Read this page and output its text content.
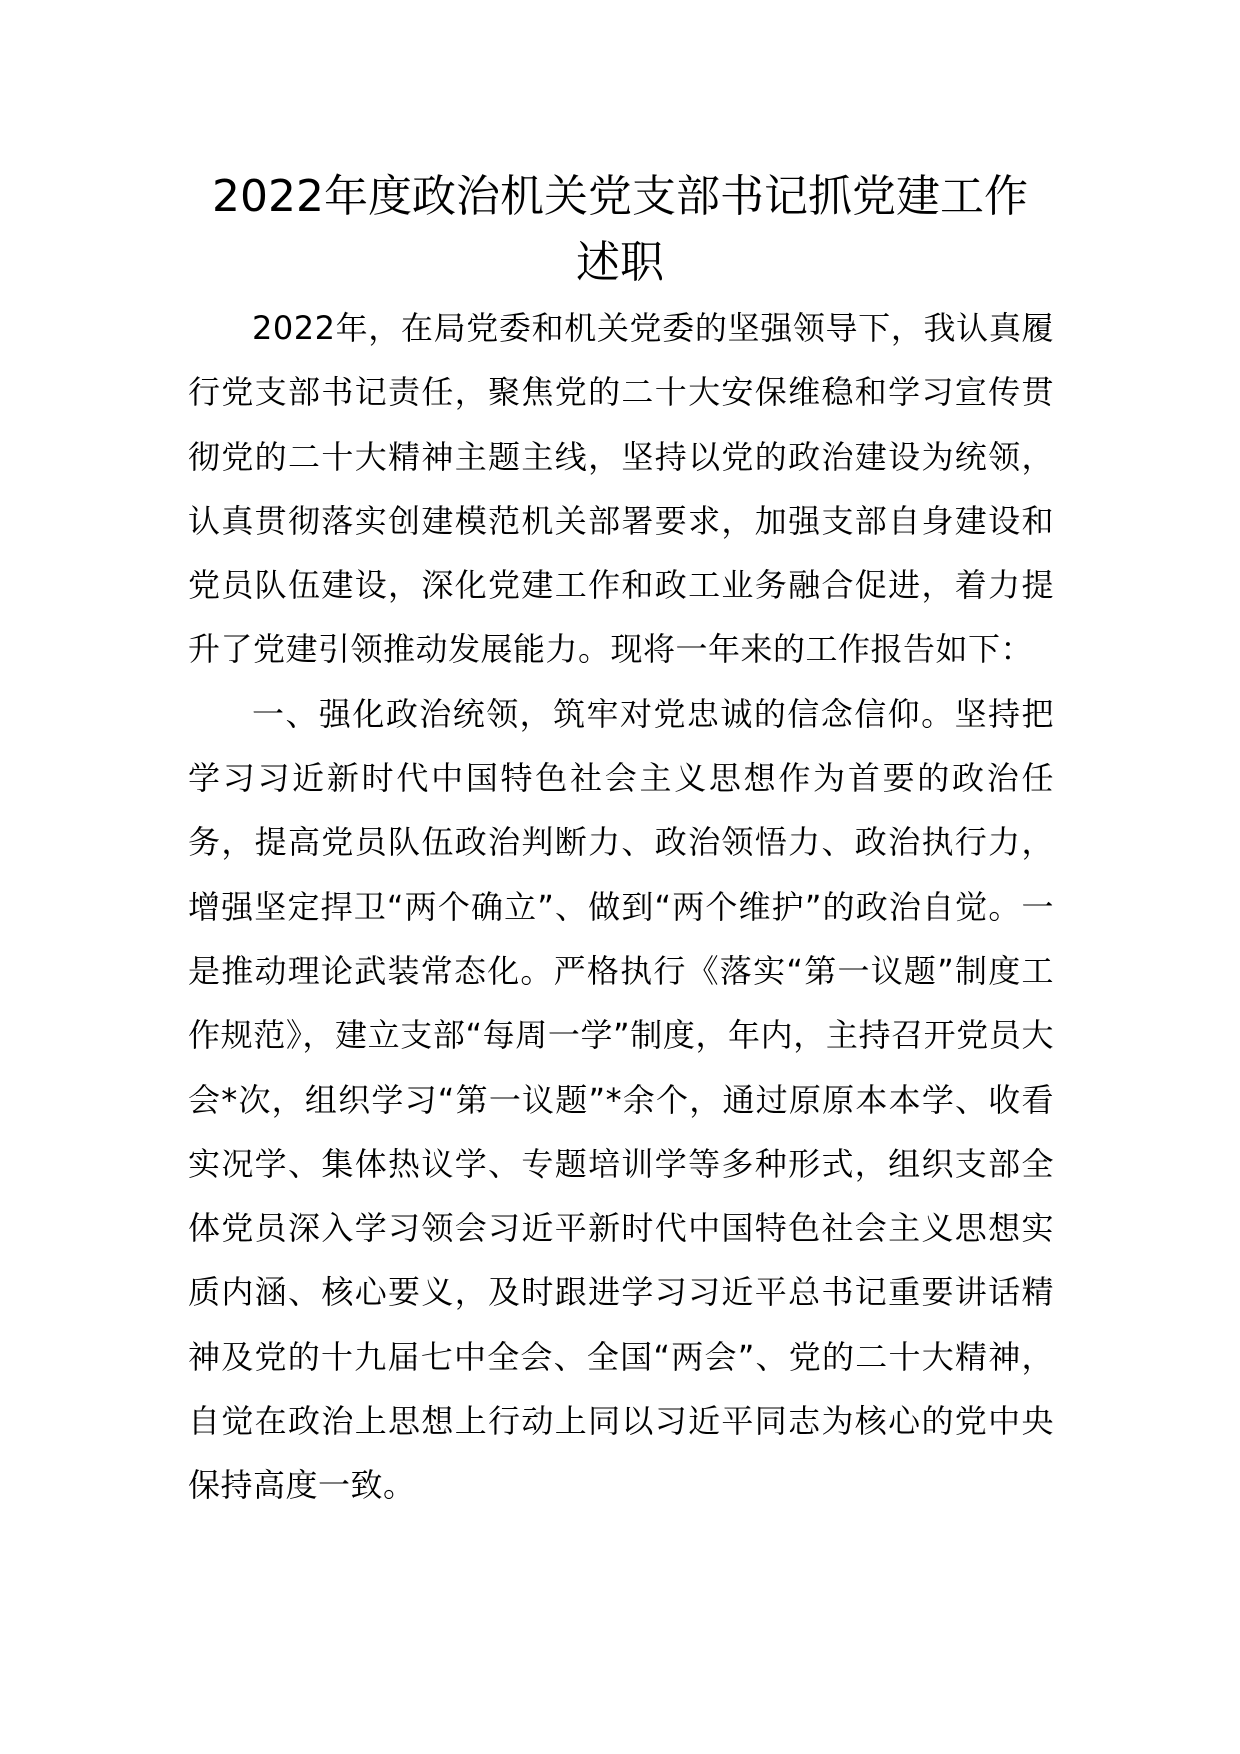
2022年度政治机关党支部书记抓党建工作
述职

2022年，在局党委和机关党委的坚强领导下，我认真履行党支部书记责任，聚焦党的二十大安保维稳和学习宣传贯彻党的二十大精神主题主线，坚持以党的政治建设为统领，认真贯彻落实创建模范机关部署要求，加强支部自身建设和党员队伍建设，深化党建工作和政工业务融合促进，着力提升了党建引领推动发展能力。现将一年来的工作报告如下：

一、强化政治统领，筑牢对党忠诚的信念信仰。坚持把学习习近新时代中国特色社会主义思想作为首要的政治任务，提高党员队伍政治判断力、政治领悟力、政治执行力，增强坚定捍卫“两个确立”、做到“两个维护”的政治自觉。一是推动理论武装常态化。严格执行《落实“第一议题”制度工作规范》，建立支部“每周一学”制度，年内，主持召开党员大会*次，组织学习“第一议题”*余个，通过原原本本学、收看实况学、集体热议学、专题培训学等多种形式，组织支部全体党员深入学习领会习近平新时代中国特色社会主义思想实质内涵、核心要义，及时跟进学习习近平总书记重要讲话精神及党的十九届七中全会、全国“两会”、党的二十大精神，自觉在政治上思想上行动上同以习近平同志为核心的党中央保持高度一致。
